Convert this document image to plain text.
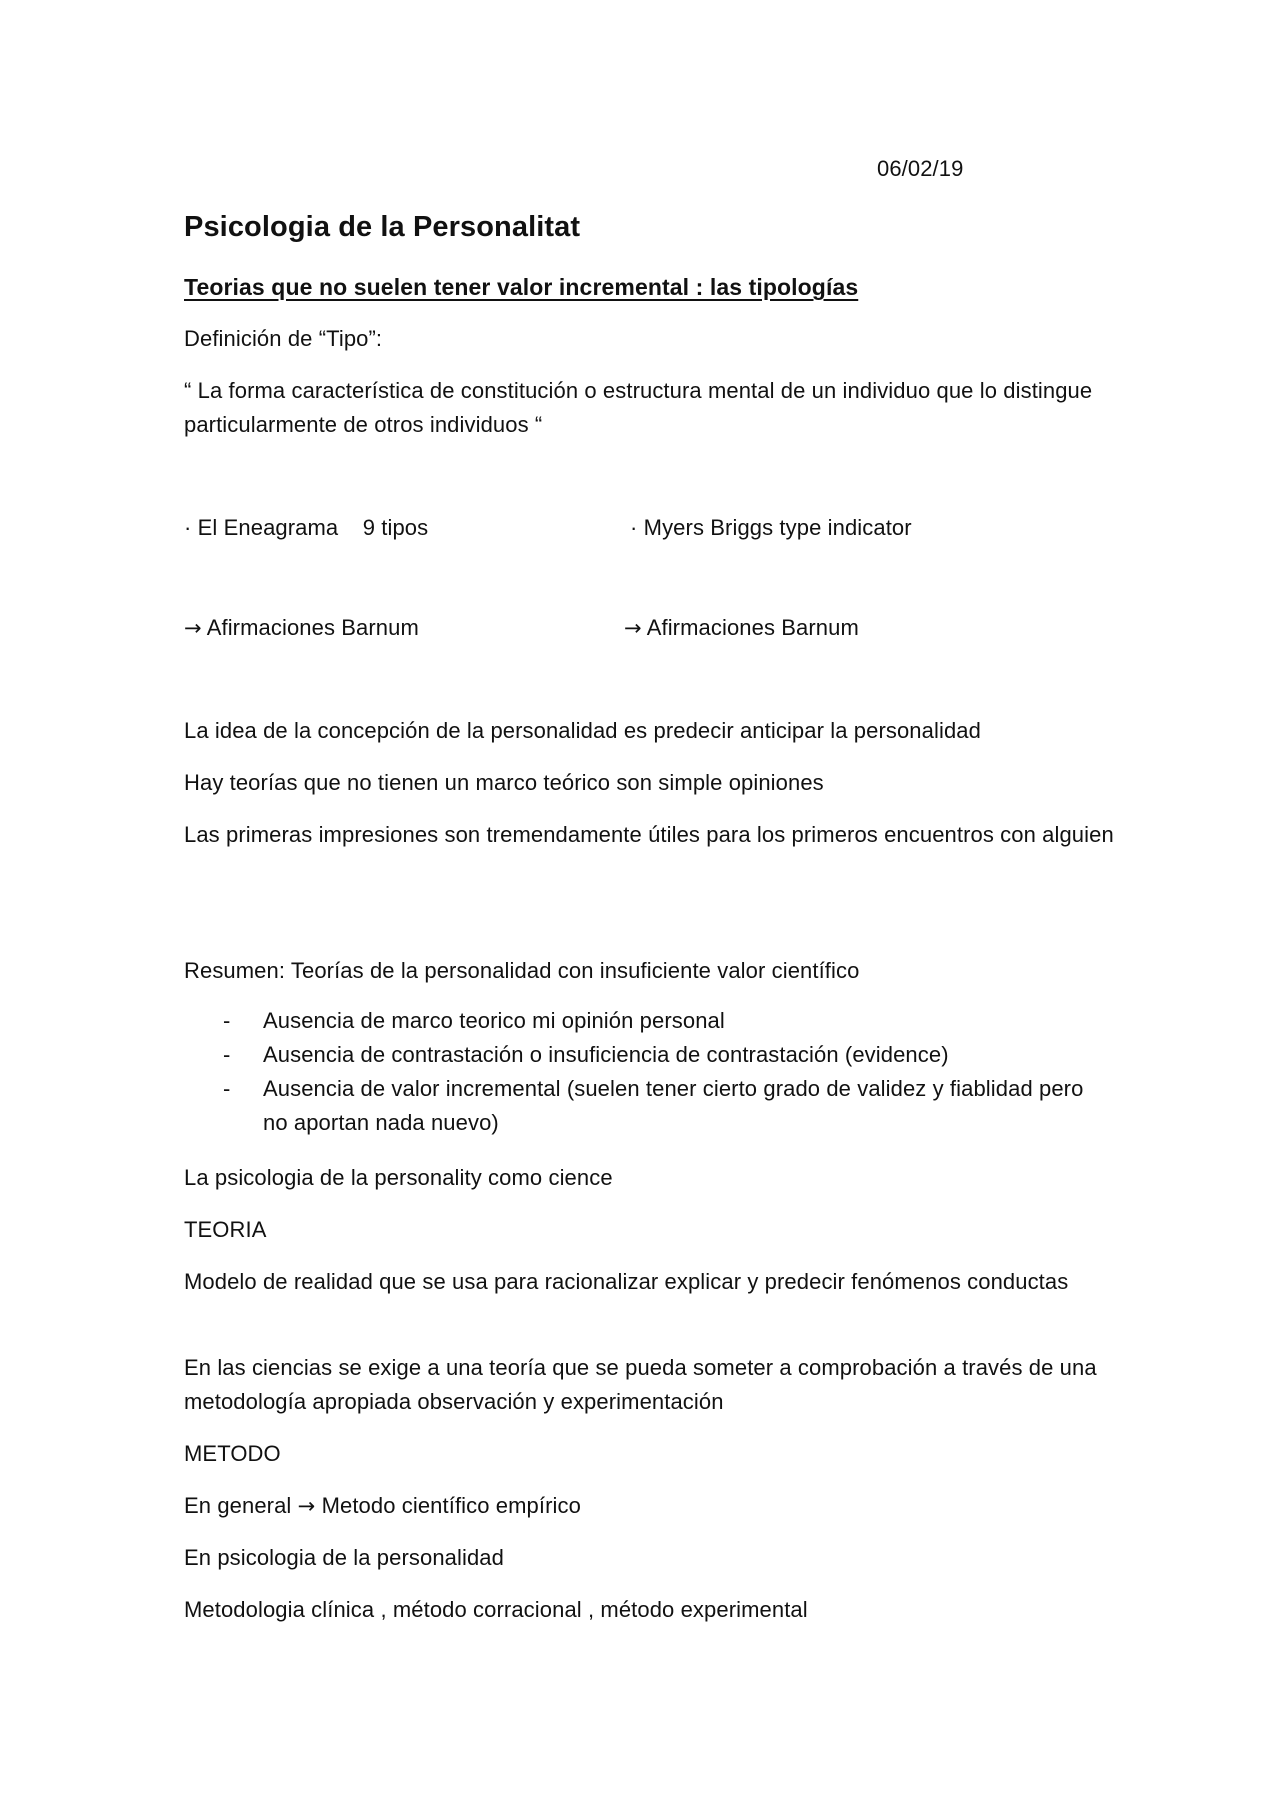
06/02/19
Psicologia de la Personalitat
Teorias que no suelen tener valor incremental : las tipologías
Definición de “Tipo”:
“ La forma característica de constitución o estructura mental de un individuo que lo distingue particularmente de otros individuos “
· El Eneagrama 9 tipos	· Myers Briggs type indicator
→ Afirmaciones Barnum	→ Afirmaciones Barnum
La idea de la concepción de la personalidad es predecir anticipar la personalidad
Hay teorías que no tienen un marco teórico son simple opiniones
Las primeras impresiones son tremendamente útiles para los primeros encuentros con alguien
Resumen: Teorías de la personalidad con insuficiente valor científico
- Ausencia de marco teorico mi opinión personal
- Ausencia de contrastación o insuficiencia de contrastación (evidence)
- Ausencia de valor incremental (suelen tener cierto grado de validez y fiablidad pero no aportan nada nuevo)
La psicologia de la personality como cience
TEORIA
Modelo de realidad que se usa para racionalizar explicar y predecir fenómenos conductas
En las ciencias se exige a una teoría que se pueda someter a comprobación a través de una metodología apropiada observación y experimentación
METODO
En general → Metodo científico empírico
En psicologia de la personalidad
Metodologia clínica , método corracional , método experimental
